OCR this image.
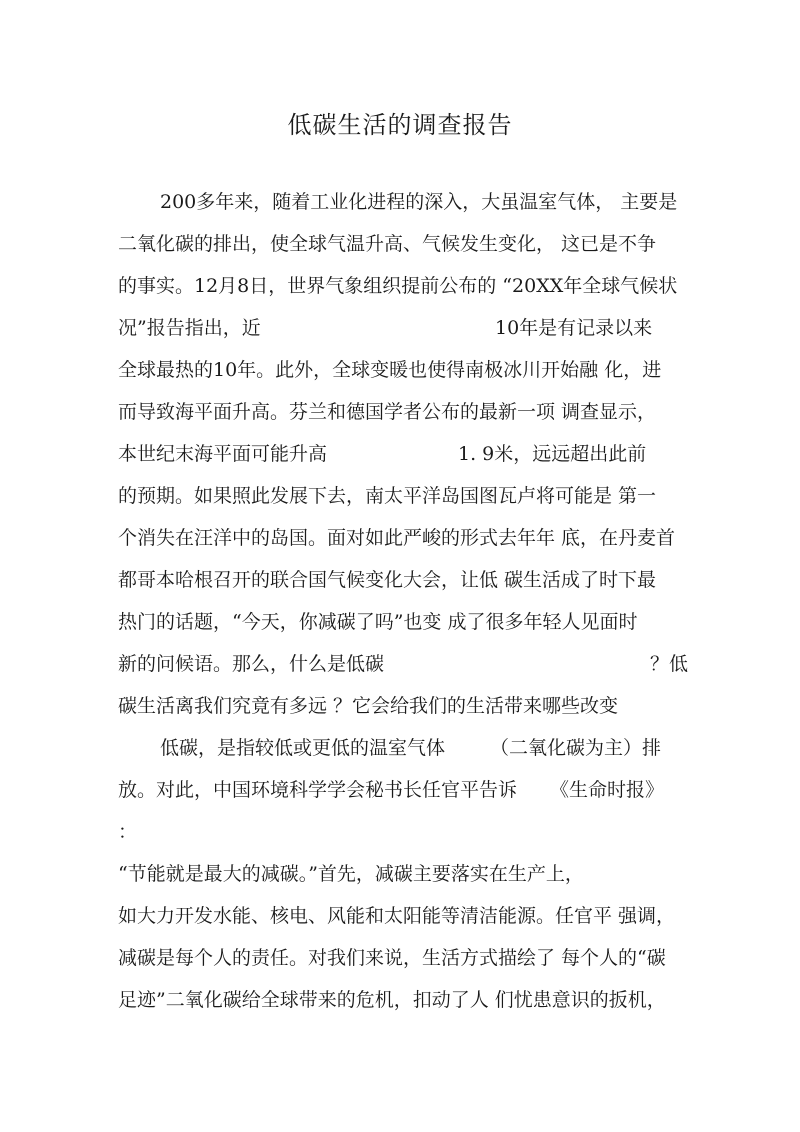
低碳生活的调查报告
200多年来，随着工业化进程的深入，大虽温室气体， 主要是
二氧化碳的排出，使全球气温升高、气候发生变化， 这已是不争
的事实。12月8日，世界气象组织提前公布的 “20XX年全球气候状
况”报告指出，近	10年是有记录以来
全球最热的10年。此外，全球变暖也使得南极冰川开始融 化，进
而导致海平面升高。芬兰和德国学者公布的最新一项 调查显示，
本世纪末海平面可能升高	1. 9米，远远超出此前
的预期。如果照此发展下去，南太平洋岛国图瓦卢将可能是 第一
个消失在汪洋中的岛国。面对如此严峻的形式去年年 底，在丹麦首
都哥本哈根召开的联合国气候变化大会，让低 碳生活成了时下最
热门的话题，“今天，你减碳了吗”也变 成了很多年轻人见面时
新的问候语。那么，什么是低碳	？低
碳生活离我们究竟有多远 ？它会给我们的生活带来哪些改变
低碳，是指较低或更低的温室气体 （二氧化碳为主）排
放。对此，中国环境科学学会秘书长任官平告诉 《生命时报》
：
“节能就是最大的减碳。”首先，减碳主要落实在生产上，
如大力开发水能、核电、风能和太阳能等清洁能源。任官平 强调，
减碳是每个人的责任。对我们来说，生活方式描绘了 每个人的“碳
足迹”二氧化碳给全球带来的危机，扣动了人 们忧患意识的扳机，
